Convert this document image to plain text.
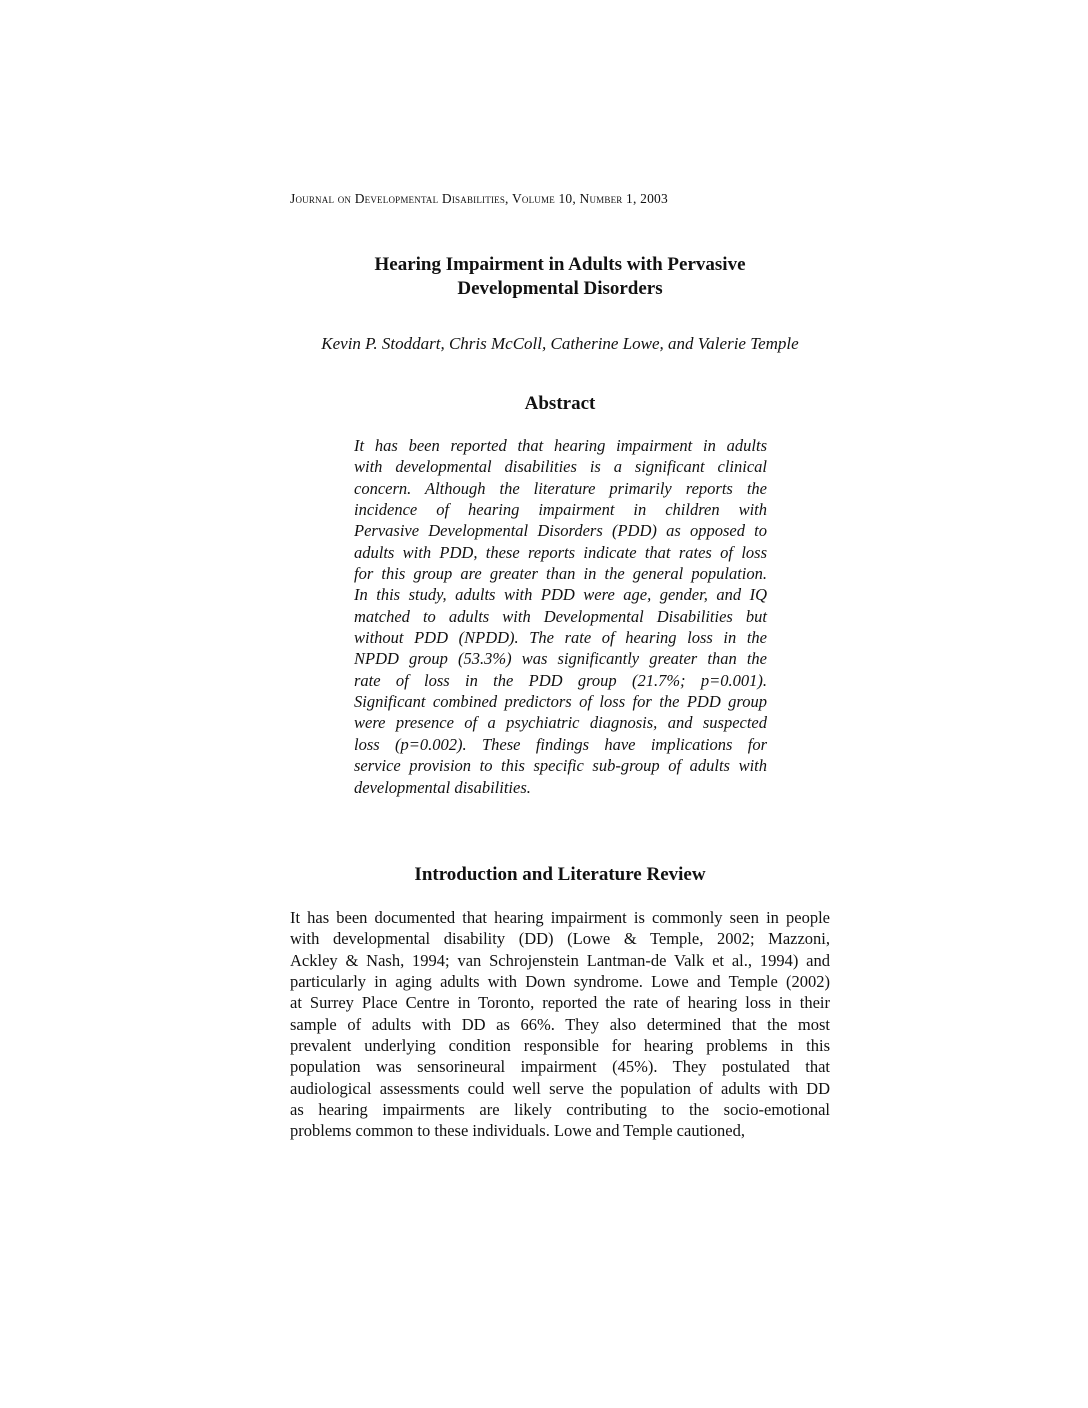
Journal on Developmental Disabilities, Volume 10, Number 1, 2003
Hearing Impairment in Adults with Pervasive
Developmental Disorders
Kevin P. Stoddart, Chris McColl, Catherine Lowe, and Valerie Temple
Abstract
It has been reported that hearing impairment in adults
with developmental disabilities is a significant clinical
concern. Although the literature primarily reports the
incidence of hearing impairment in children with
Pervasive Developmental Disorders (PDD) as opposed to
adults with PDD, these reports indicate that rates of loss
for this group are greater than in the general population.
In this study, adults with PDD were age, gender, and IQ
matched to adults with Developmental Disabilities but
without PDD (NPDD). The rate of hearing loss in the
NPDD group (53.3%) was significantly greater than the
rate of loss in the PDD group (21.7%; p=0.001).
Significant combined predictors of loss for the PDD group
were presence of a psychiatric diagnosis, and suspected
loss (p=0.002). These findings have implications for
service provision to this specific sub-group of adults with
developmental disabilities.
Introduction and Literature Review
It has been documented that hearing impairment is commonly seen in people
with developmental disability (DD) (Lowe & Temple, 2002; Mazzoni,
Ackley & Nash, 1994; van Schrojenstein Lantman-de Valk et al., 1994) and
particularly in aging adults with Down syndrome. Lowe and Temple (2002)
at Surrey Place Centre in Toronto, reported the rate of hearing loss in their
sample of adults with DD as 66%. They also determined that the most
prevalent underlying condition responsible for hearing problems in this
population was sensorineural impairment (45%). They postulated that
audiological assessments could well serve the population of adults with DD
as hearing impairments are likely contributing to the socio-emotional
problems common to these individuals. Lowe and Temple cautioned,
